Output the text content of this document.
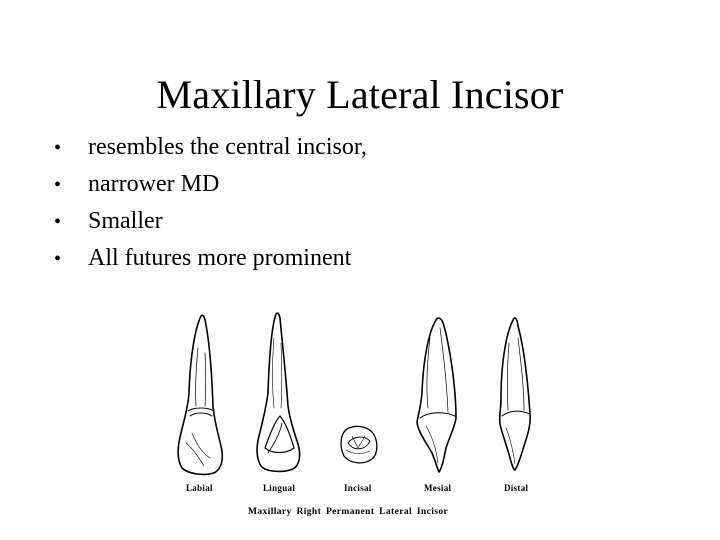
Maxillary Lateral Incisor
• resembles the central incisor,
• narrower MD
• Smaller
• All futures more prominent
Labial	Lingual	Incisal	Mesial	Distal
Maxillary Right Permanent Lateral Incisor
